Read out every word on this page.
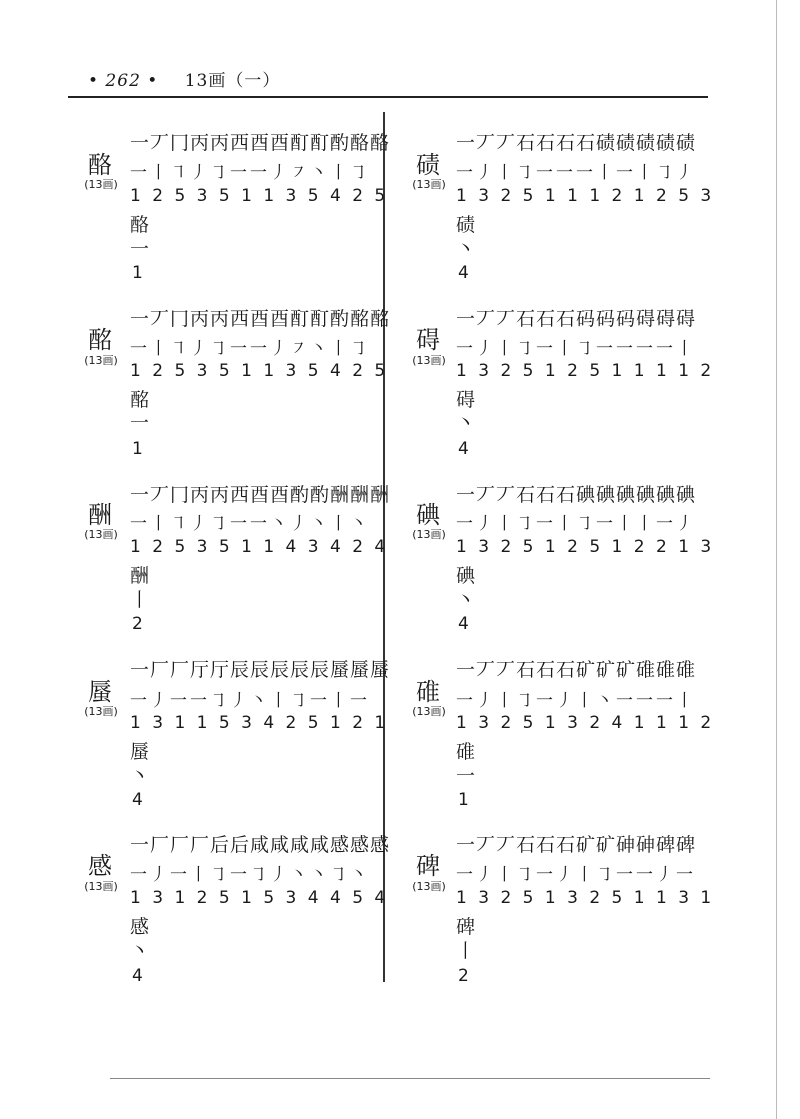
• 262 • 13画（一）
酪
(13画)
一丆冂丙丙西酉酉酊酊酌酪酪
一丨㇕丿㇆一一丿㇇丶丨㇆
1 2 5 3 5 1 1 3 5 4 2 5
酪
一
1
酩
(13画)
一丆冂丙丙西酉酉酊酊酌酩酩
一丨㇕丿㇆一一丿㇇丶丨㇆
1 2 5 3 5 1 1 3 5 4 2 5
酩
一
1
酬
(13画)
一丆冂丙丙西酉酉酌酌酬酬酬
一丨㇕丿㇆一一丶丿丶丨丶
1 2 5 3 5 1 1 4 3 4 2 4
酬
丨
2
蜃
(13画)
一厂厂厅厅辰辰辰辰辰蜃蜃蜃
一丿一一㇆丿丶丨㇆一丨一
1 3 1 1 5 3 4 2 5 1 2 1
蜃
丶
4
感
(13画)
一厂厂厂后后咸咸咸咸感感感
一丿一丨㇆一㇆丿丶丶㇆丶
1 3 1 2 5 1 5 3 4 4 5 4
感
丶
4
碛
(13画)
一丆丆石石石石碛碛碛碛碛
一丿丨㇆一一一丨一丨㇆丿
1 3 2 5 1 1 1 2 1 2 5 3
碛
丶
4
碍
(13画)
一丆丆石石石码码码碍碍碍
一丿丨㇆一丨㇆一一一一丨
1 3 2 5 1 2 5 1 1 1 1 2
碍
丶
4
碘
(13画)
一丆丆石石石碘碘碘碘碘碘
一丿丨㇆一丨㇆一丨丨一丿
1 3 2 5 1 2 5 1 2 2 1 3
碘
丶
4
碓
(13画)
一丆丆石石石矿矿矿碓碓碓
一丿丨㇆一丿丨丶一一一丨
1 3 2 5 1 3 2 4 1 1 1 2
碓
一
1
碑
(13画)
一丆丆石石石矿矿砷砷碑碑
一丿丨㇆一丿丨㇆一一丿一
1 3 2 5 1 3 2 5 1 1 3 1
碑
丨
2
